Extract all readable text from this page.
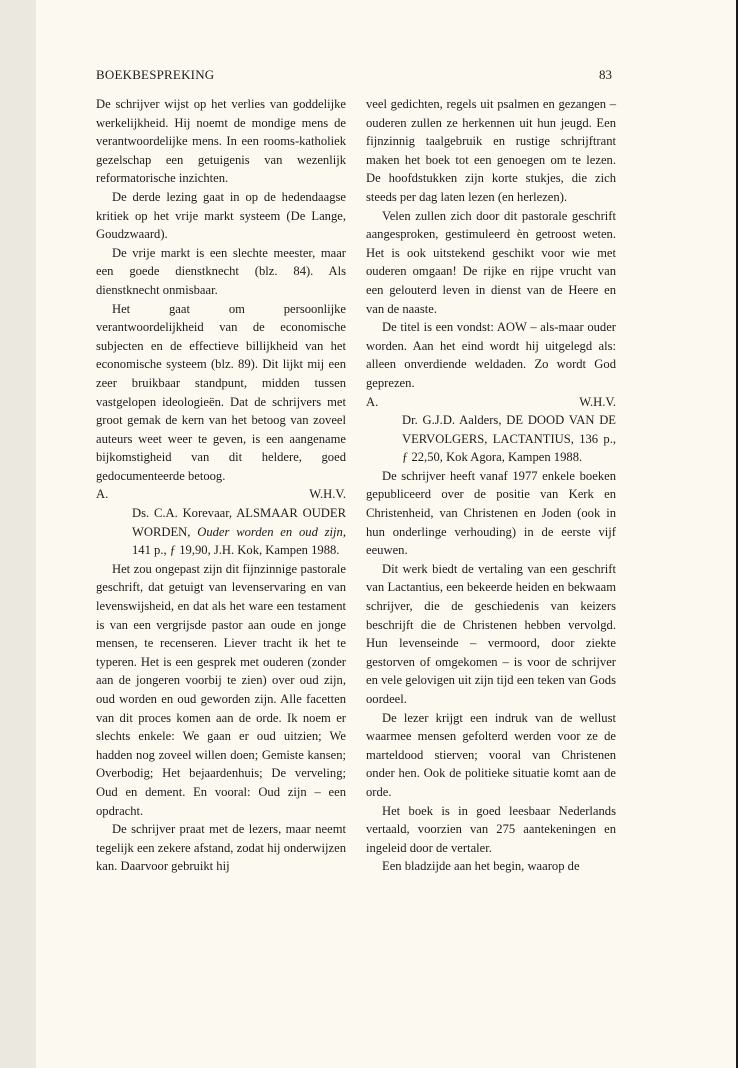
BOEKBESPREKING	83

De schrijver wijst op het verlies van goddelijke werkelijkheid. Hij noemt de mondige mens de verantwoordelijke mens. In een rooms-katholiek gezelschap een getuigenis van wezenlijk reformatorische inzichten.

De derde lezing gaat in op de hedendaagse kritiek op het vrije markt systeem (De Lange, Goudzwaard).

De vrije markt is een slechte meester, maar een goede dienstknecht (blz. 84). Als dienstknecht onmisbaar.

Het gaat om persoonlijke verantwoordelijkheid van de economische subjecten en de effectieve billijkheid van het economische systeem (blz. 89). Dit lijkt mij een zeer bruikbaar standpunt, midden tussen vastgelopen ideologieën. Dat de schrijvers met groot gemak de kern van het betoog van zoveel auteurs weet weer te geven, is een aangename bijkomstigheid van dit heldere, goed gedocumenteerde betoog.

A.	W.H.V.

Ds. C.A. Korevaar, ALSMAAR OUDER WORDEN, Ouder worden en oud zijn, 141 p., ƒ 19,90, J.H. Kok, Kampen 1988.

Het zou ongepast zijn dit fijnzinnige pastorale geschrift, dat getuigt van levenservaring en van levenswijsheid, en dat als het ware een testament is van een vergrijsde pastor aan oude en jonge mensen, te recenseren. Liever tracht ik het te typeren. Het is een gesprek met ouderen (zonder aan de jongeren voorbij te zien) over oud zijn, oud worden en oud geworden zijn. Alle facetten van dit proces komen aan de orde. Ik noem er slechts enkele: We gaan er oud uitzien; We hadden nog zoveel willen doen; Gemiste kansen; Overbodig; Het bejaardenhuis; De verveling; Oud en dement. En vooral: Oud zijn – een opdracht.

De schrijver praat met de lezers, maar neemt tegelijk een zekere afstand, zodat hij onderwijzen kan. Daarvoor gebruikt hij

veel gedichten, regels uit psalmen en gezangen – ouderen zullen ze herkennen uit hun jeugd. Een fijnzinnig taalgebruik en rustige schrijftrant maken het boek tot een genoegen om te lezen. De hoofdstukken zijn korte stukjes, die zich steeds per dag laten lezen (en herlezen).

Velen zullen zich door dit pastorale geschrift aangesproken, gestimuleerd èn getroost weten. Het is ook uitstekend geschikt voor wie met ouderen omgaan! De rijke en rijpe vrucht van een gelouterd leven in dienst van de Heere en van de naaste.

De titel is een vondst: AOW – als-maar ouder worden. Aan het eind wordt hij uitgelegd als: alleen onverdiende weldaden. Zo wordt God geprezen.

A.	W.H.V.

Dr. G.J.D. Aalders, DE DOOD VAN DE VERVOLGERS, LACTANTIUS, 136 p., ƒ 22,50, Kok Agora, Kampen 1988.

De schrijver heeft vanaf 1977 enkele boeken gepubliceerd over de positie van Kerk en Christenheid, van Christenen en Joden (ook in hun onderlinge verhouding) in de eerste vijf eeuwen.

Dit werk biedt de vertaling van een geschrift van Lactantius, een bekeerde heiden en bekwaam schrijver, die de geschiedenis van keizers beschrijft die de Christenen hebben vervolgd. Hun levenseinde – vermoord, door ziekte gestorven of omgekomen – is voor de schrijver en vele gelovigen uit zijn tijd een teken van Gods oordeel.

De lezer krijgt een indruk van de wellust waarmee mensen gefolterd werden voor ze de marteldood stierven; vooral van Christenen onder hen. Ook de politieke situatie komt aan de orde.

Het boek is in goed leesbaar Nederlands vertaald, voorzien van 275 aantekeningen en ingeleid door de vertaler.

Een bladzijde aan het begin, waarop de
